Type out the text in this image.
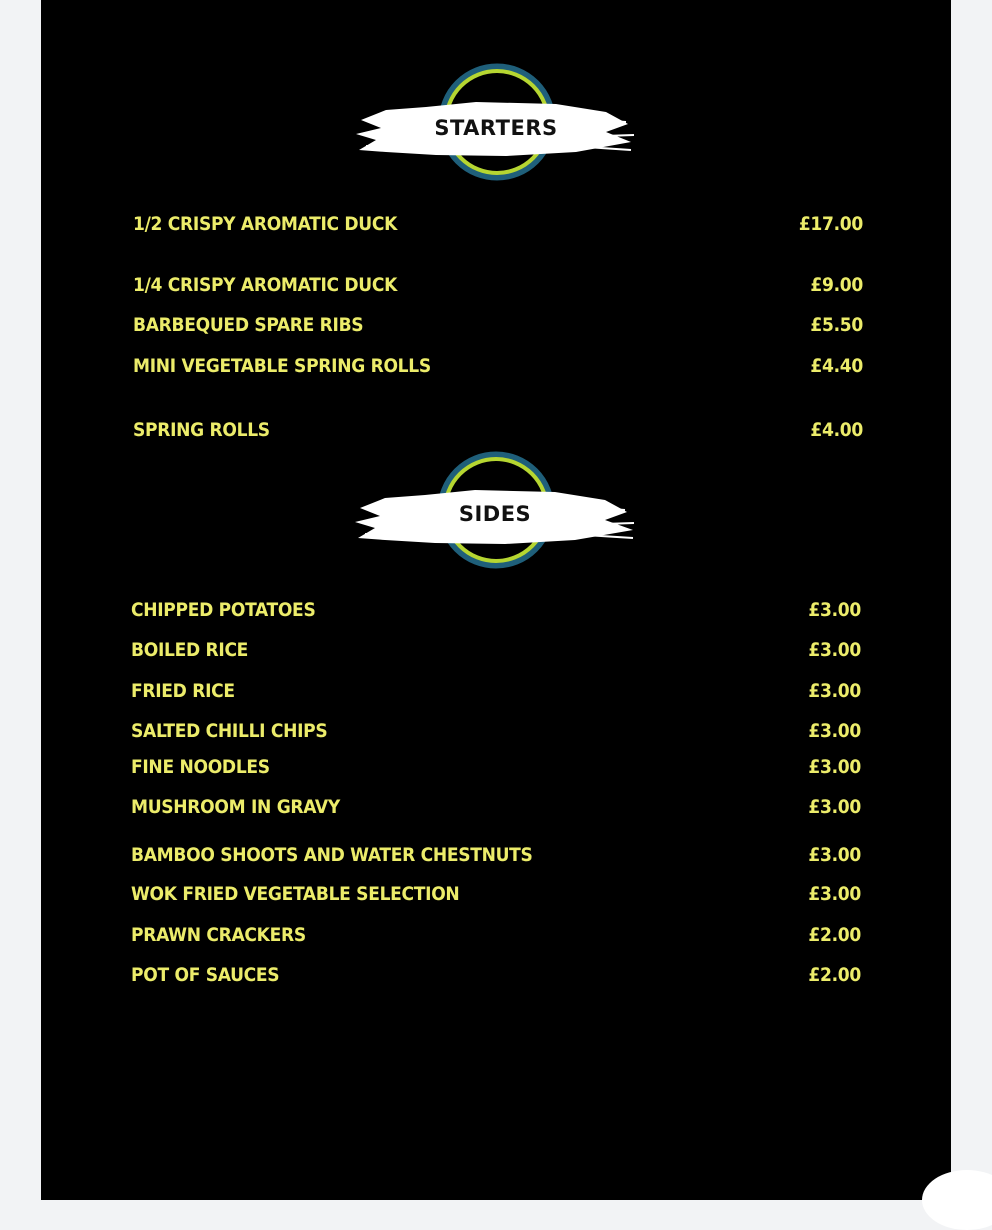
STARTERS
1/2 CRISPY AROMATIC DUCK	£17.00
1/4 CRISPY AROMATIC DUCK	£9.00
BARBEQUED SPARE RIBS	£5.50
MINI VEGETABLE SPRING ROLLS	£4.40
SPRING ROLLS	£4.00
SIDES
CHIPPED POTATOES	£3.00
BOILED RICE	£3.00
FRIED RICE	£3.00
SALTED CHILLI CHIPS	£3.00
FINE NOODLES	£3.00
MUSHROOM IN GRAVY	£3.00
BAMBOO SHOOTS AND WATER CHESTNUTS	£3.00
WOK FRIED VEGETABLE SELECTION	£3.00
PRAWN CRACKERS	£2.00
POT OF SAUCES	£2.00
